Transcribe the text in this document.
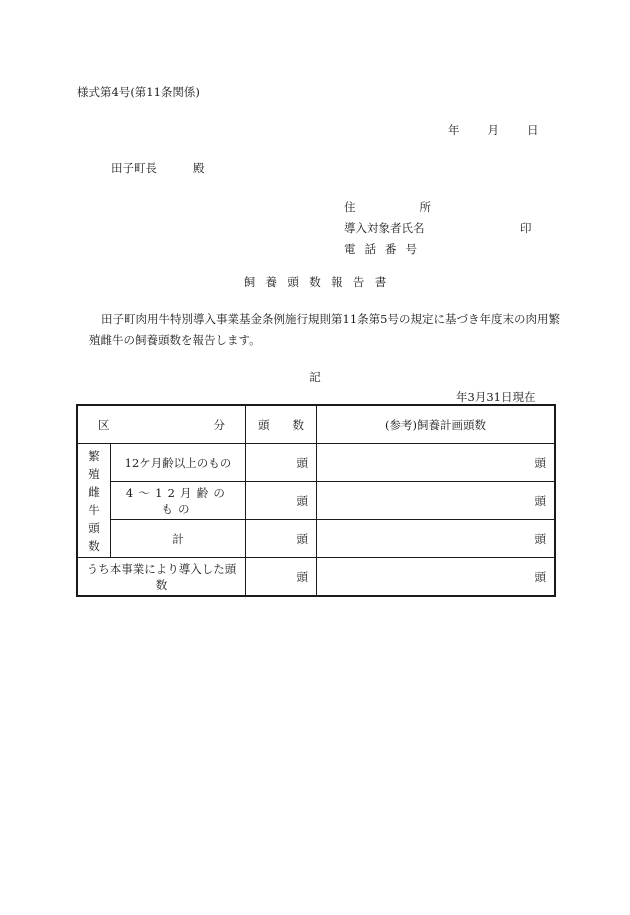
様式第4号(第11条関係)
年 月 日
田子町長	殿
住	所
導入対象者氏名	印
電 話 番 号
飼養頭数報告書
田子町肉用牛特別導入事業基金条例施行規則第11条第5号の規定に基づき年度末の肉用繁殖雌牛の飼養頭数を報告します。
記
年3月31日現在
区 分		頭 数	(参考)飼養計画頭数

繁　殖
雌　牛
頭　数	12ケ月齢以上のもの	頭	頭
	4〜12月齢のもの	頭	頭
	計	頭	頭
うち本事業により導入した頭数		頭	頭
